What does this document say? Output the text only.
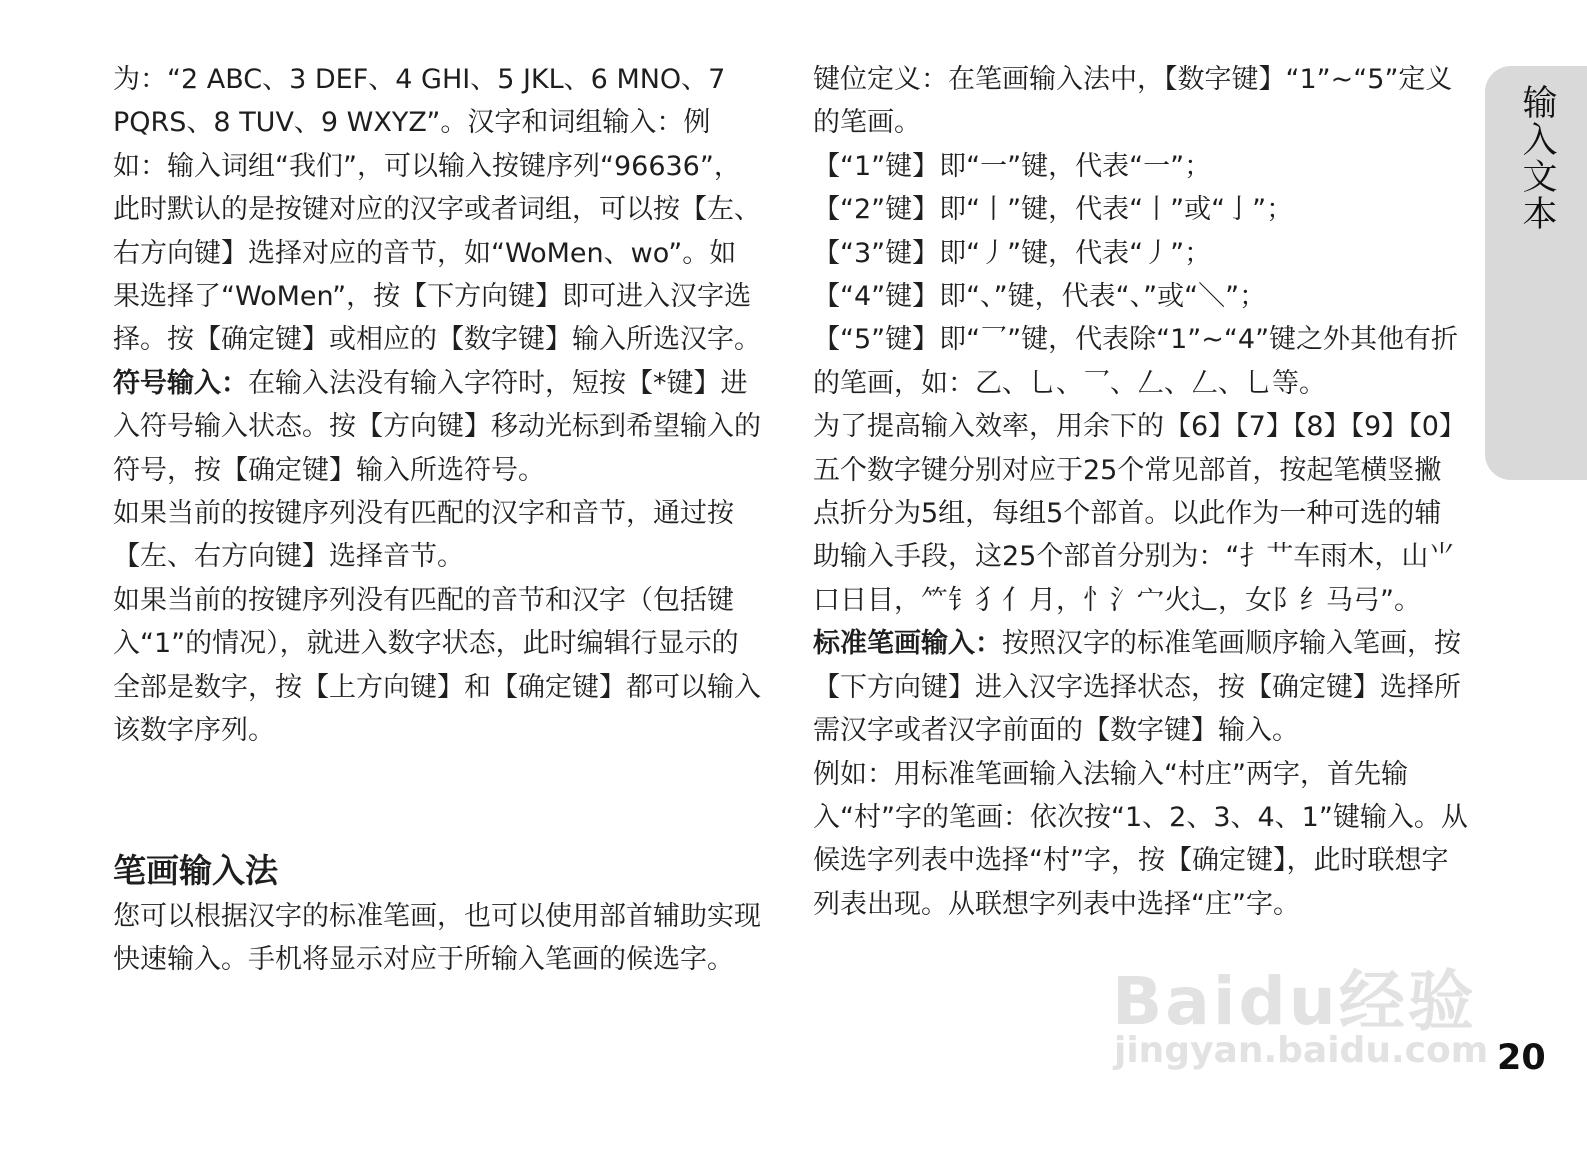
为：“2 ABC、3 DEF、4 GHI、5 JKL、6 MNO、7 PQRS、8 TUV、9 WXYZ”。汉字和词组输入：例如：输入词组“我们”，可以输入按键序列“96636”，此时默认的是按键对应的汉字或者词组，可以按【左、右方向键】选择对应的音节，如“WoMen、wo”。如果选择了“WoMen”，按【下方向键】即可进入汉字选择。按【确定键】或相应的【数字键】输入所选汉字。

符号输入：在输入法没有输入字符时，短按【*键】进入符号输入状态。按【方向键】移动光标到希望输入的符号，按【确定键】输入所选符号。

如果当前的按键序列没有匹配的汉字和音节，通过按【左、右方向键】选择音节。

如果当前的按键序列没有匹配的音节和汉字（包括键入“1”的情况），就进入数字状态，此时编辑行显示的全部是数字，按【上方向键】和【确定键】都可以输入该数字序列。

笔画输入法

您可以根据汉字的标准笔画，也可以使用部首辅助实现快速输入。手机将显示对应于所输入笔画的候选字。

键位定义：在笔画输入法中，【数字键】“1”~“5”定义的笔画。

【“1”键】即“一”键，代表“一”；

【“2”键】即“丨”键，代表“丨”或“亅”；

【“3”键】即“丿”键，代表“丿”；

【“4”键】即“、”键，代表“、”或“＼”；

【“5”键】即“乛”键，代表除“1”~“4”键之外其他有折的笔画，如：乙、乚、乛、𠃋、𠃋、乚等。

为了提高输入效率，用余下的【6】【7】【8】【9】【0】五个数字键分别对应于25个常见部首，按起笔横竖撇点折分为5组，每组5个部首。以此作为一种可选的辅助输入手段，这25个部首分别为：“扌艹车雨木，山⺌口日目，⺮钅犭亻月，忄氵宀火辶，女阝纟马弓”。

标准笔画输入：按照汉字的标准笔画顺序输入笔画，按【下方向键】进入汉字选择状态，按【确定键】选择所需汉字或者汉字前面的【数字键】输入。

例如：用标准笔画输入法输入“村庄”两字，首先输入“村”字的笔画：依次按“1、2、3、4、1”键输入。从候选字列表中选择“村”字，按【确定键】，此时联想字列表出现。从联想字列表中选择“庄”字。

输入文本
20
Baidu经验
jingyan.baidu.com
